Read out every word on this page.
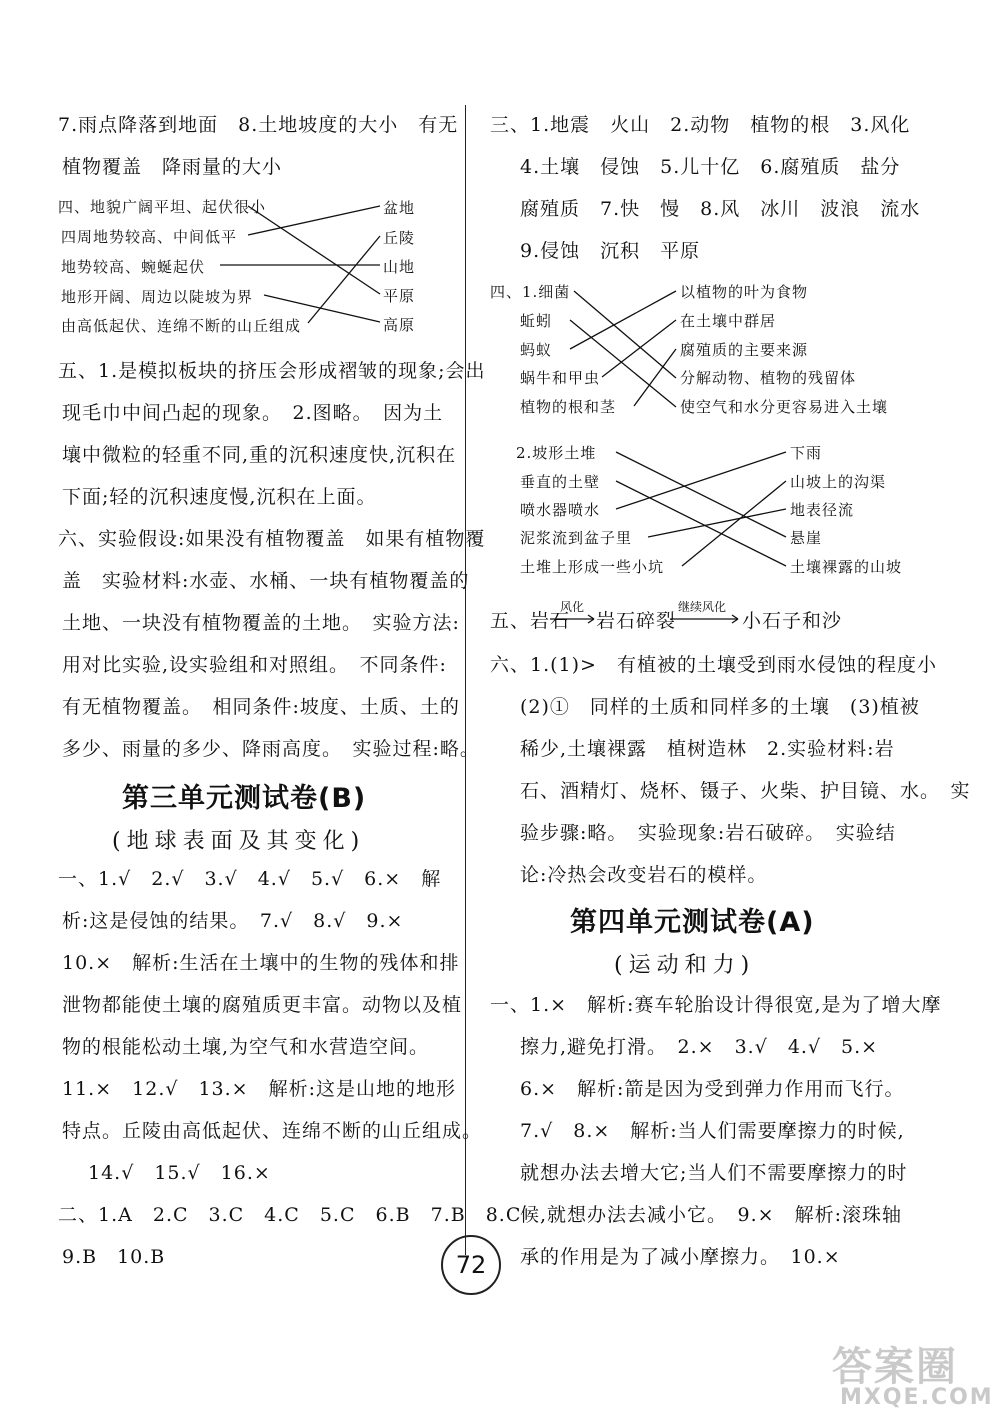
7.雨点降落到地面　8.土地坡度的大小　有无
植物覆盖　降雨量的大小
四、地貌广阔平坦、起伏很小
四周地势较高、中间低平
地势较高、蜿蜒起伏
地形开阔、周边以陡坡为界
由高低起伏、连绵不断的山丘组成
盆地
丘陵
山地
平原
高原
五、1.是模拟板块的挤压会形成褶皱的现象;会出
现毛巾中间凸起的现象。　2.图略。　因为土
壤中微粒的轻重不同,重的沉积速度快,沉积在
下面;轻的沉积速度慢,沉积在上面。
六、实验假设:如果没有植物覆盖　如果有植物覆
盖　实验材料:水壶、水桶、一块有植物覆盖的
土地、一块没有植物覆盖的土地。　实验方法:
用对比实验,设实验组和对照组。　不同条件:
有无植物覆盖。　相同条件:坡度、土质、土的
多少、雨量的多少、降雨高度。　实验过程:略。
第三单元测试卷(B)
(地球表面及其变化)
一、1.√　2.√　3.√　4.√　5.√　6.×　解
析:这是侵蚀的结果。　7.√　8.√　9.×
10.×　解析:生活在土壤中的生物的残体和排
泄物都能使土壤的腐殖质更丰富。动物以及植
物的根能松动土壤,为空气和水营造空间。
11.×　12.√　13.×　解析:这是山地的地形
特点。丘陵由高低起伏、连绵不断的山丘组成。
14.√　15.√　16.×
二、1.A　2.C　3.C　4.C　5.C　6.B　7.B　8.C
9.B　10.B
三、1.地震　火山　2.动物　植物的根　3.风化
4.土壤　侵蚀　5.儿十亿　6.腐殖质　盐分
腐殖质　7.快　慢　8.风　冰川　波浪　流水
9.侵蚀　沉积　平原
四、1.细菌
蚯蚓
蚂蚁
蜗牛和甲虫
植物的根和茎
以植物的叶为食物
在土壤中群居
腐殖质的主要来源
分解动物、植物的残留体
使空气和水分更容易进入土壤
2.坡形土堆
垂直的土壁
喷水器喷水
泥浆流到盆子里
土堆上形成一些小坑
下雨
山坡上的沟渠
地表径流
悬崖
土壤裸露的山坡
五、岩石
风化
岩石碎裂
继续风化
小石子和沙
六、1.(1)>　有植被的土壤受到雨水侵蚀的程度小
(2)①　同样的土质和同样多的土壤　(3)植被
稀少,土壤裸露　植树造林　2.实验材料:岩
石、酒精灯、烧杯、镊子、火柴、护目镜、水。　实
验步骤:略。　实验现象:岩石破碎。　实验结
论:冷热会改变岩石的模样。
第四单元测试卷(A)
(运动和力)
一、1.×　解析:赛车轮胎设计得很宽,是为了增大摩
擦力,避免打滑。　2.×　3.√　4.√　5.×
6.×　解析:箭是因为受到弹力作用而飞行。
7.√　8.×　解析:当人们需要摩擦力的时候,
就想办法去增大它;当人们不需要摩擦力的时
候,就想办法去减小它。　9.×　解析:滚珠轴
承的作用是为了减小摩擦力。　10.×
72
答案圈
MXQE.COM
